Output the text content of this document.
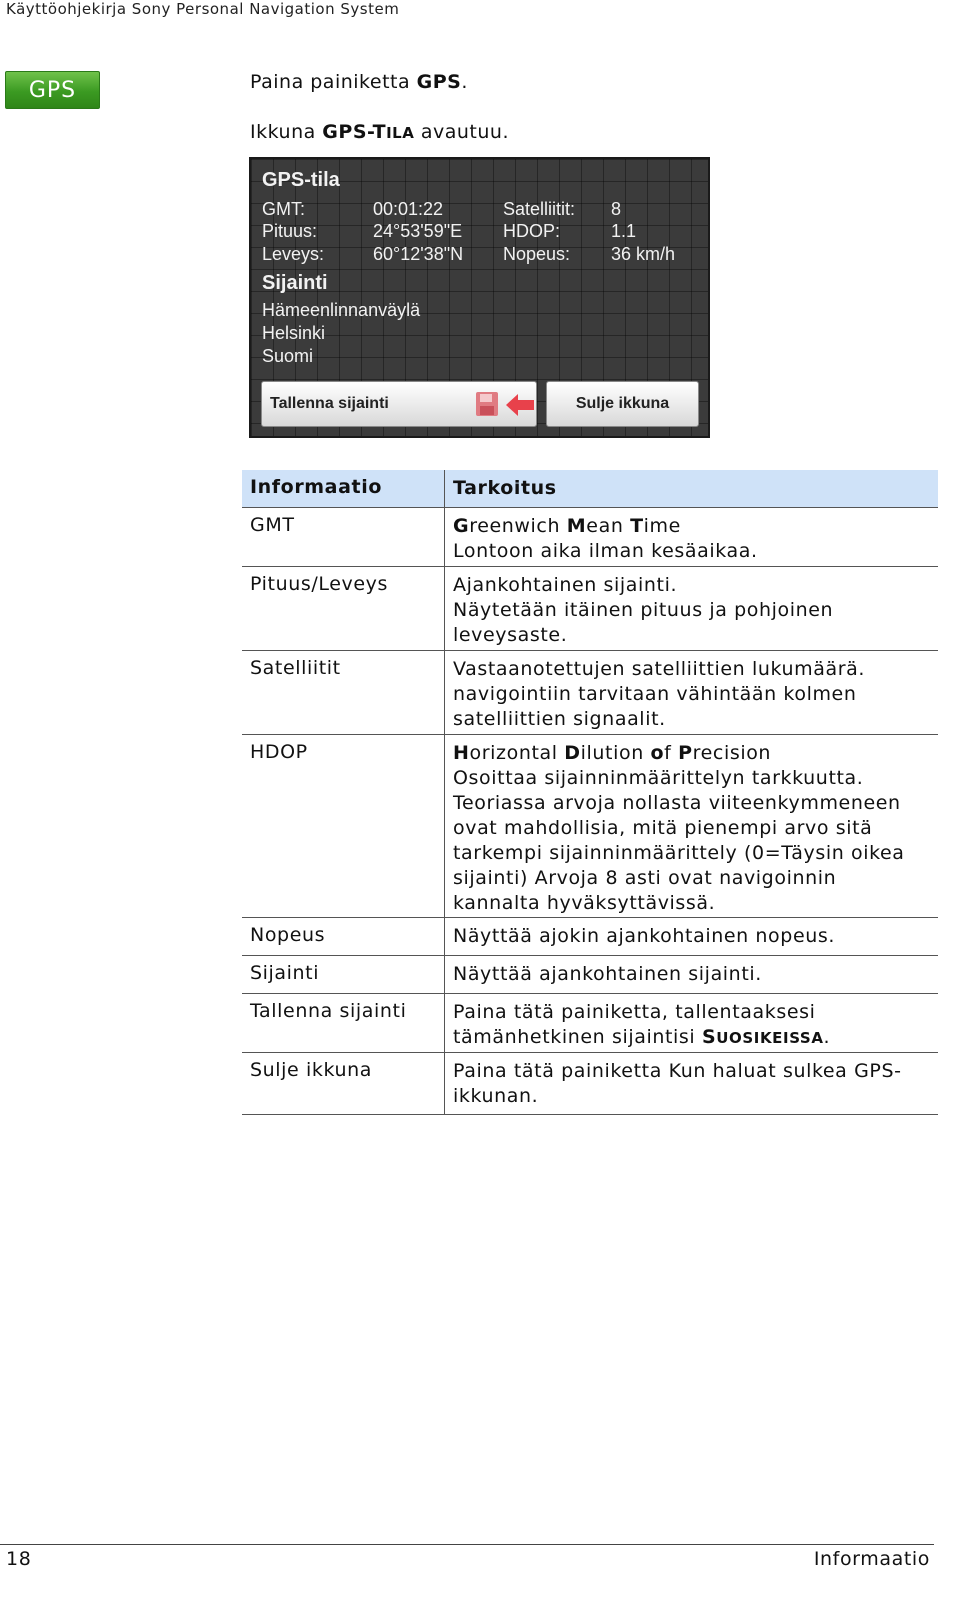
Käyttöohjekirja Sony Personal Navigation System
GPS	Paina painiketta GPS.
Ikkuna GPS-TILA avautuu.
GPS-tila
GMT:	00:01:22	Satelliitit: 8
Pituus:	24°53'59"E HDOP:	1.1
Leveys:	60°12'38"N Nopeus: 36 km/h
Sijainti
Hämeenlinnanväylä
Helsinki
Suomi
Tallenna sijainti	Sulje ikkuna
Informaatio	Tarkoitus
GMT	Greenwich Mean Time
Lontoon aika ilman kesäaikaa.
Pituus/Leveys	Ajankohtainen sijainti.
Näytetään itäinen pituus ja pohjoinen
leveysaste.
Satelliitit	Vastaanotettujen satelliittien lukumäärä.
navigointiin tarvitaan vähintään kolmen
satelliittien signaalit.
HDOP	Horizontal Dilution of Precision
Osoittaa sijainninmäärittelyn tarkkuutta.
Teoriassa arvoja nollasta viiteenkymmeneen
ovat mahdollisia, mitä pienempi arvo sitä
tarkempi sijainninmäärittely (0=Täysin oikea
sijainti) Arvoja 8 asti ovat navigoinnin
kannalta hyväksyttävissä.
Nopeus	Näyttää ajokin ajankohtainen nopeus.
Sijainti	Näyttää ajankohtainen sijainti.
Tallenna sijainti	Paina tätä painiketta, tallentaaksesi
tämänhetkinen sijaintisi SUOSIKEISSA.
Sulje ikkuna	Paina tätä painiketta Kun haluat sulkea GPS-
ikkunan.
18	Informaatio
